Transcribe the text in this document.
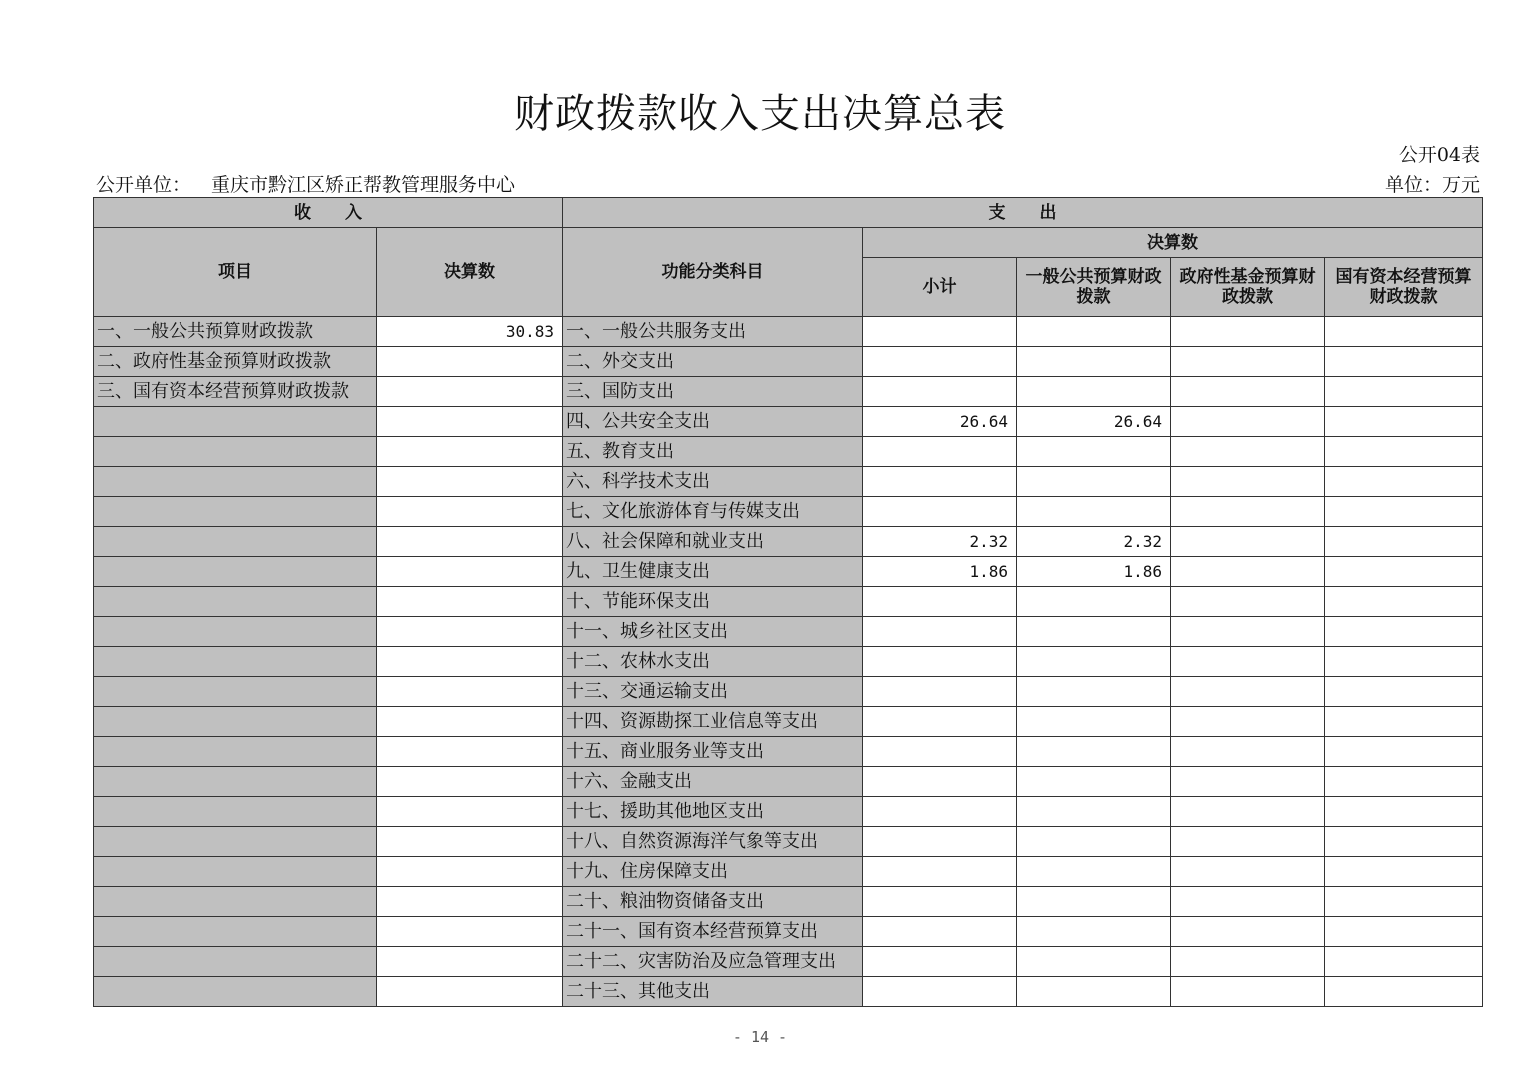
财政拨款收入支出决算总表
公开04表
公开单位： 重庆市黔江区矫正帮教管理服务中心	单位：万元
收　　入		支　　出				
项目	决算数	功能分类科目	决算数			
			小计	一般公共预算财政拨款	政府性基金预算财政拨款	国有资本经营预算财政拨款
一、一般公共预算财政拨款	30.83	一、一般公共服务支出				
二、政府性基金预算财政拨款		二、外交支出				
三、国有资本经营预算财政拨款		三、国防支出				
		四、公共安全支出	26.64	26.64		
		五、教育支出				
		六、科学技术支出				
		七、文化旅游体育与传媒支出				
		八、社会保障和就业支出	2.32	2.32		
		九、卫生健康支出	1.86	1.86		
		十、节能环保支出				
		十一、城乡社区支出				
		十二、农林水支出				
		十三、交通运输支出				
		十四、资源勘探工业信息等支出				
		十五、商业服务业等支出				
		十六、金融支出				
		十七、援助其他地区支出				
		十八、自然资源海洋气象等支出				
		十九、住房保障支出				
		二十、粮油物资储备支出				
		二十一、国有资本经营预算支出				
		二十二、灾害防治及应急管理支出				
		二十三、其他支出				
- 14 -
